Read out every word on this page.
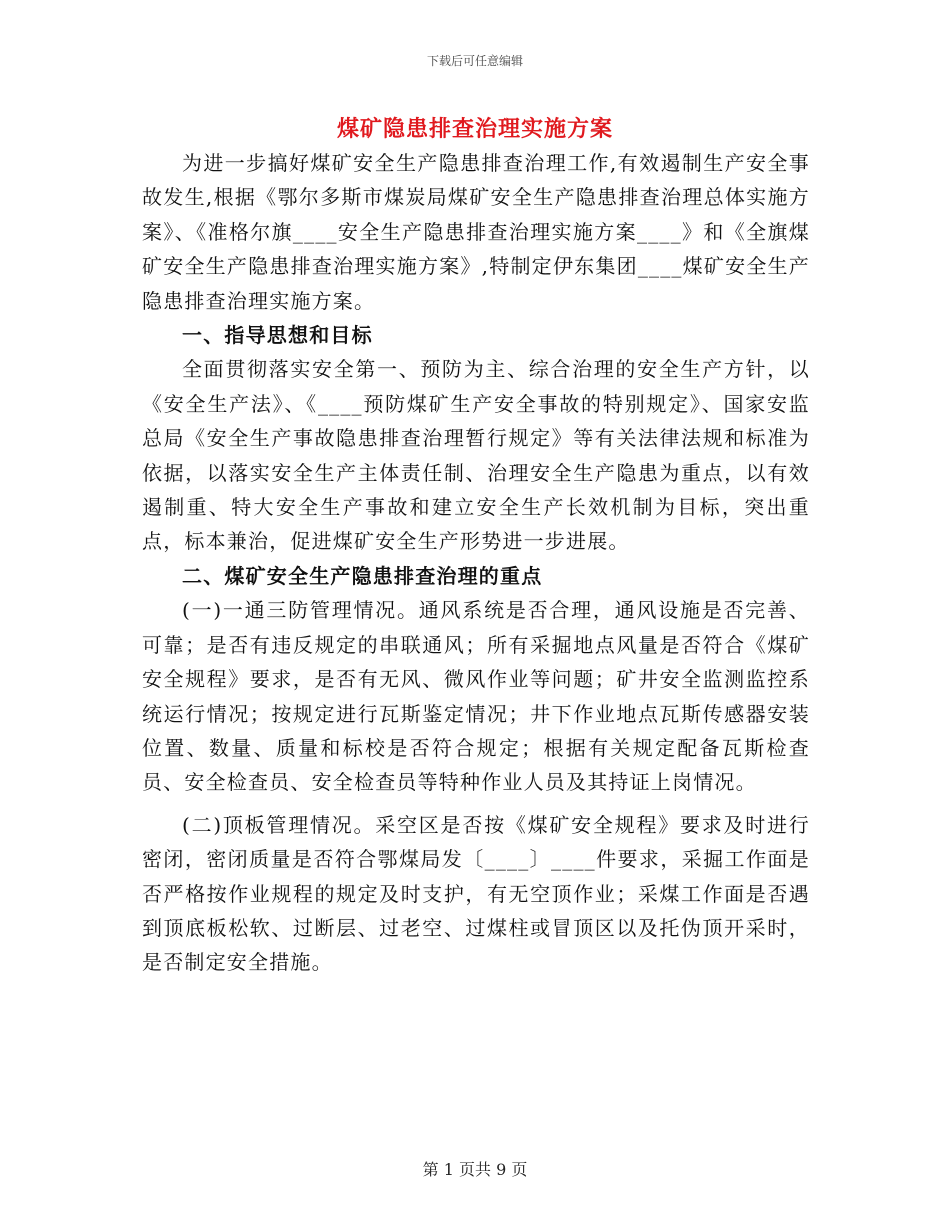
下载后可任意编辑
煤矿隐患排查治理实施方案

为进一步搞好煤矿安全生产隐患排查治理工作,有效遏制生产安全事故发生,根据《鄂尔多斯市煤炭局煤矿安全生产隐患排查治理总体实施方案》、《准格尔旗____安全生产隐患排查治理实施方案____》和《全旗煤矿安全生产隐患排查治理实施方案》,特制定伊东集团____煤矿安全生产隐患排查治理实施方案。

一、指导思想和目标

全面贯彻落实安全第一、预防为主、综合治理的安全生产方针，以《安全生产法》、《____预防煤矿生产安全事故的特别规定》、国家安监总局《安全生产事故隐患排查治理暂行规定》等有关法律法规和标准为依据，以落实安全生产主体责任制、治理安全生产隐患为重点，以有效遏制重、特大安全生产事故和建立安全生产长效机制为目标，突出重点，标本兼治，促进煤矿安全生产形势进一步进展。

二、煤矿安全生产隐患排查治理的重点

(一)一通三防管理情况。通风系统是否合理，通风设施是否完善、可靠；是否有违反规定的串联通风；所有采掘地点风量是否符合《煤矿安全规程》要求，是否有无风、微风作业等问题；矿井安全监测监控系统运行情况；按规定进行瓦斯鉴定情况；井下作业地点瓦斯传感器安装位置、数量、质量和标校是否符合规定；根据有关规定配备瓦斯检查员、安全检查员、安全检查员等特种作业人员及其持证上岗情况。

(二)顶板管理情况。采空区是否按《煤矿安全规程》要求及时进行密闭，密闭质量是否符合鄂煤局发〔____〕____件要求，采掘工作面是否严格按作业规程的规定及时支护，有无空顶作业；采煤工作面是否遇到顶底板松软、过断层、过老空、过煤柱或冒顶区以及托伪顶开采时，是否制定安全措施。

第 1 页共 9 页
